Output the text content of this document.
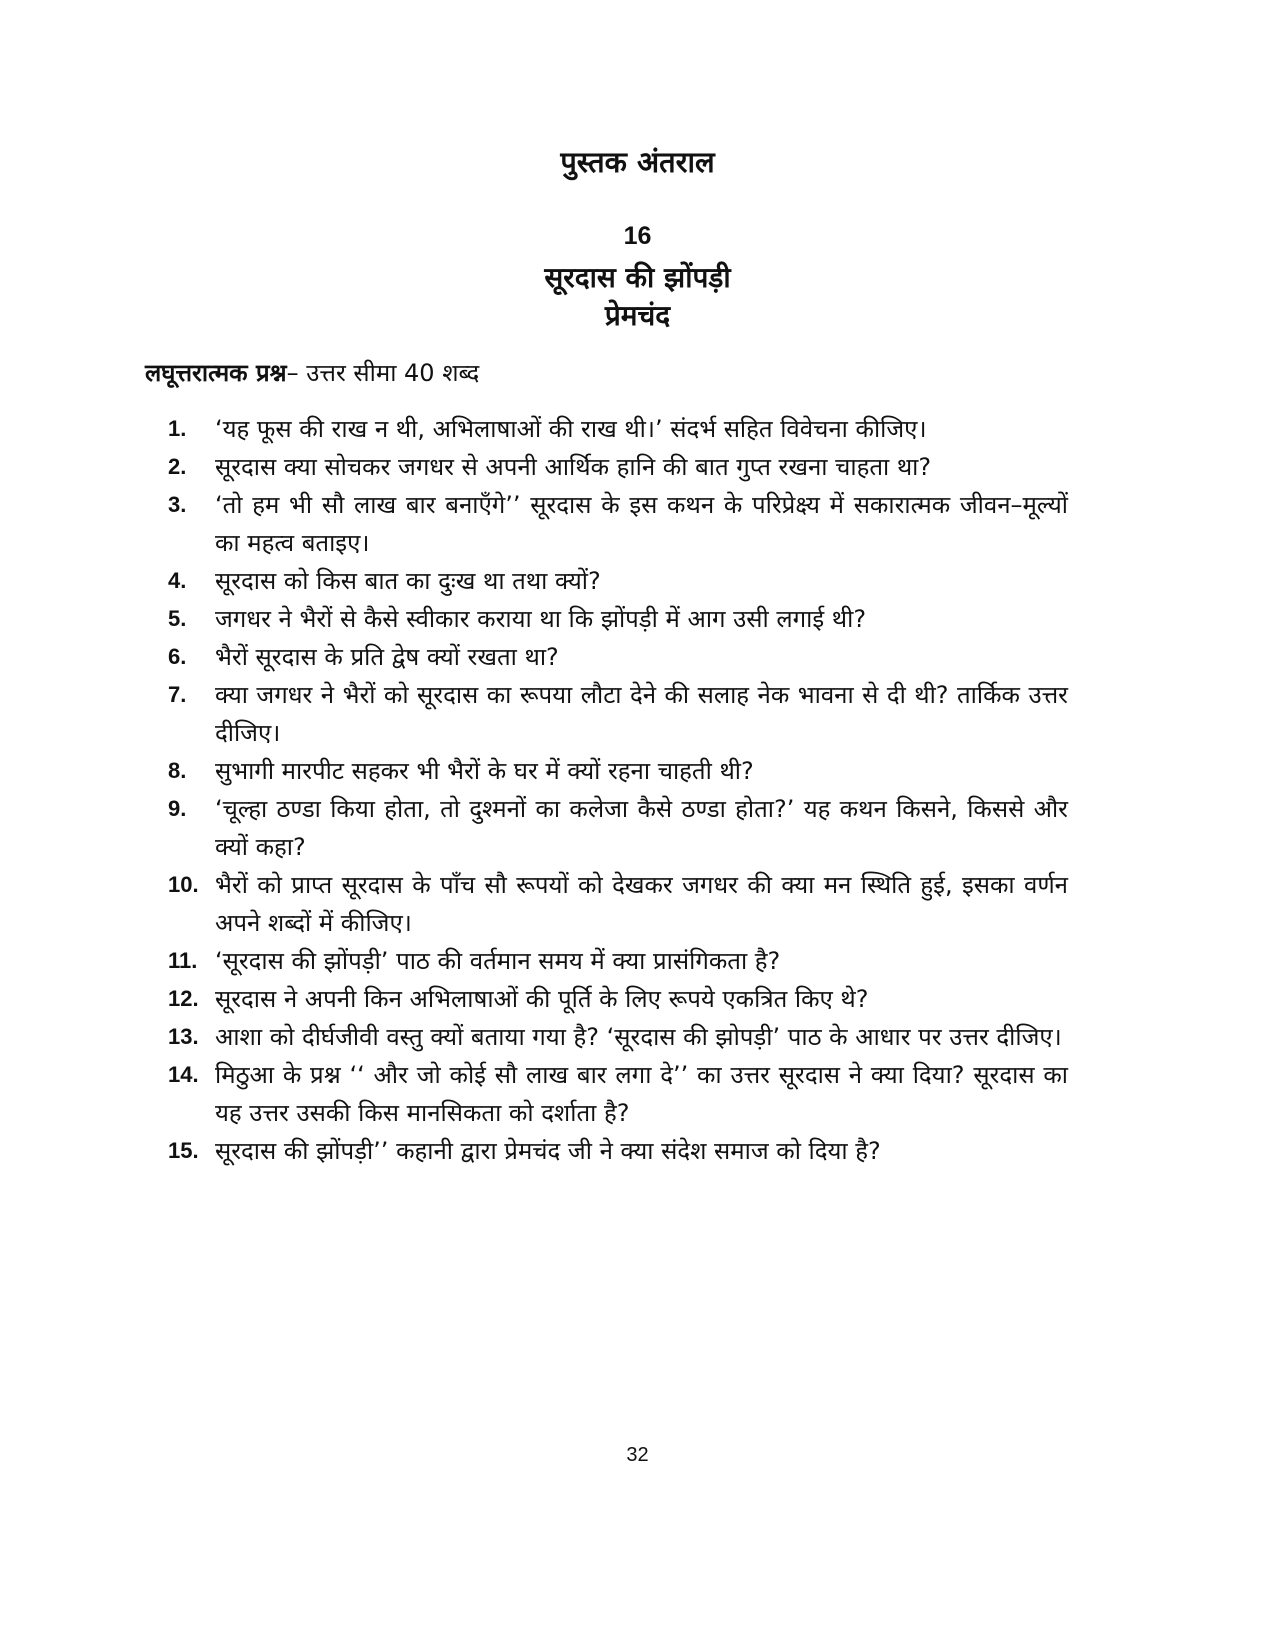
पुस्तक अंतराल
16
सूरदास की झोंपड़ी
प्रेमचंद
लघूत्तरात्मक प्रश्न– उत्तर सीमा 40 शब्द
1.	‘यह फूस की राख न थी, अभिलाषाओं की राख थी।’ संदर्भ सहित विवेचना कीजिए।
2.	सूरदास क्या सोचकर जगधर से अपनी आर्थिक हानि की बात गुप्त रखना चाहता था?
3.	‘तो हम भी सौ लाख बार बनाएँगे’’ सूरदास के इस कथन के परिप्रेक्ष्य में सकारात्मक जीवन–मूल्यों का महत्व बताइए।
4.	सूरदास को किस बात का दुःख था तथा क्यों?
5.	जगधर ने भैरों से कैसे स्वीकार कराया था कि झोंपड़ी में आग उसी लगाई थी?
6.	भैरों सूरदास के प्रति द्वेष क्यों रखता था?
7.	क्या जगधर ने भैरों को सूरदास का रूपया लौटा देने की सलाह नेक भावना से दी थी? तार्किक उत्तर दीजिए।
8.	सुभागी मारपीट सहकर भी भैरों के घर में क्यों रहना चाहती थी?
9.	‘चूल्हा ठण्डा किया होता, तो दुश्मनों का कलेजा कैसे ठण्डा होता?’ यह कथन किसने, किससे और क्यों कहा?
10. भैरों को प्राप्त सूरदास के पाँच सौ रूपयों को देखकर जगधर की क्या मन स्थिति हुई, इसका वर्णन अपने शब्दों में कीजिए।
11. ‘सूरदास की झोंपड़ी’ पाठ की वर्तमान समय में क्या प्रासंगिकता है?
12. सूरदास ने अपनी किन अभिलाषाओं की पूर्ति के लिए रूपये एकत्रित किए थे?
13. आशा को दीर्घजीवी वस्तु क्यों बताया गया है? ‘सूरदास की झोपड़ी’ पाठ के आधार पर उत्तर दीजिए।
14. मिठुआ के प्रश्न ‘‘ और जो कोई सौ लाख बार लगा दे’’ का उत्तर सूरदास ने क्या दिया? सूरदास का यह उत्तर उसकी किस मानसिकता को दर्शाता है?
15. सूरदास की झोंपड़ी’’ कहानी द्वारा प्रेमचंद जी ने क्या संदेश समाज को दिया है?
32
